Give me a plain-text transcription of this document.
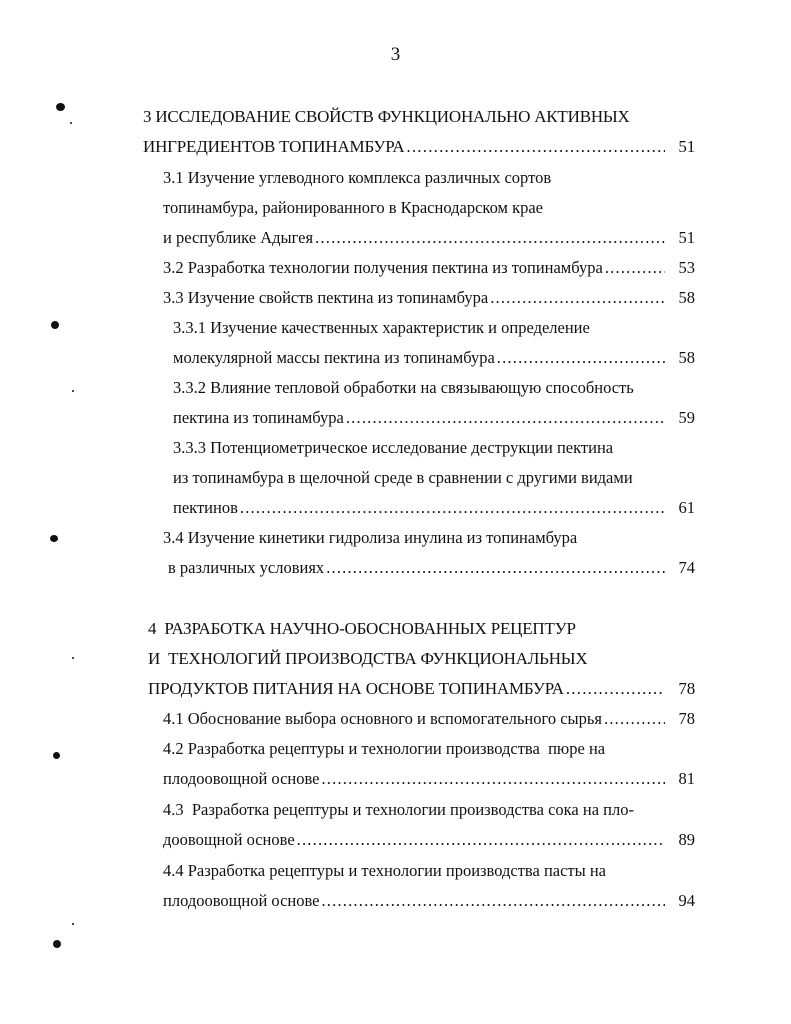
3
3 ИССЛЕДОВАНИЕ СВОЙСТВ ФУНКЦИОНАЛЬНО АКТИВНЫХ
ИНГРЕДИЕНТОВ ТОПИНАМБУРА .....	51
3.1 Изучение углеводного комплекса различных сортов
топинамбура, районированного в Краснодарском крае
и республике Адыгея .....	51
3.2 Разработка технологии получения пектина из топинамбура .....	53
3.3 Изучение свойств пектина из топинамбура .....	58
3.3.1 Изучение качественных характеристик и определение
молекулярной массы пектина из топинамбура .....	58
3.3.2 Влияние тепловой обработки на связывающую способность
пектина из топинамбура .....	59
3.3.3 Потенциометрическое исследование деструкции пектина
из топинамбура в щелочной среде в сравнении с другими видами
пектинов .....	61
3.4 Изучение кинетики гидролиза инулина из топинамбура
в различных условиях .....	74
4  РАЗРАБОТКА НАУЧНО-ОБОСНОВАННЫХ РЕЦЕПТУР
И  ТЕХНОЛОГИЙ ПРОИЗВОДСТВА ФУНКЦИОНАЛЬНЫХ
ПРОДУКТОВ ПИТАНИЯ НА ОСНОВЕ ТОПИНАМБУРА .....	78
4.1 Обоснование выбора основного и вспомогательного сырья .....	78
4.2 Разработка рецептуры и технологии производства  пюре на
плодоовощной основе .....	81
4.3  Разработка рецептуры и технологии производства сока на пло-
доовощной основе .....	89
4.4 Разработка рецептуры и технологии производства пасты на
плодоовощной основе .....	94
